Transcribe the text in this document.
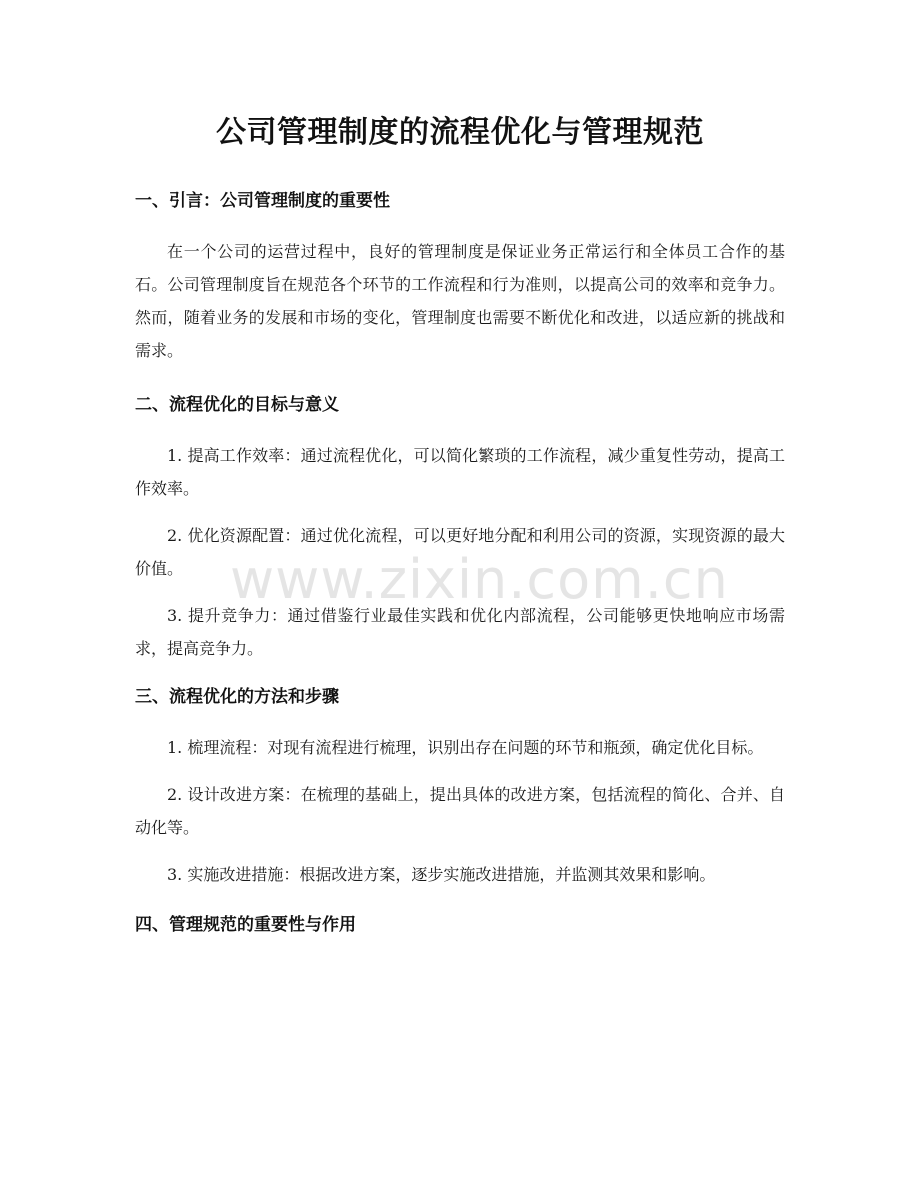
公司管理制度的流程优化与管理规范
一、引言：公司管理制度的重要性

在一个公司的运营过程中，良好的管理制度是保证业务正常运行和全体员工合作的基石。公司管理制度旨在规范各个环节的工作流程和行为准则，以提高公司的效率和竞争力。然而，随着业务的发展和市场的变化，管理制度也需要不断优化和改进，以适应新的挑战和需求。

二、流程优化的目标与意义

1. 提高工作效率：通过流程优化，可以简化繁琐的工作流程，减少重复性劳动，提高工作效率。

2. 优化资源配置：通过优化流程，可以更好地分配和利用公司的资源，实现资源的最大价值。

3. 提升竞争力：通过借鉴行业最佳实践和优化内部流程，公司能够更快地响应市场需求，提高竞争力。

三、流程优化的方法和步骤

1. 梳理流程：对现有流程进行梳理，识别出存在问题的环节和瓶颈，确定优化目标。

2. 设计改进方案：在梳理的基础上，提出具体的改进方案，包括流程的简化、合并、自动化等。

3. 实施改进措施：根据改进方案，逐步实施改进措施，并监测其效果和影响。

四、管理规范的重要性与作用
www.zixin.com.cn
